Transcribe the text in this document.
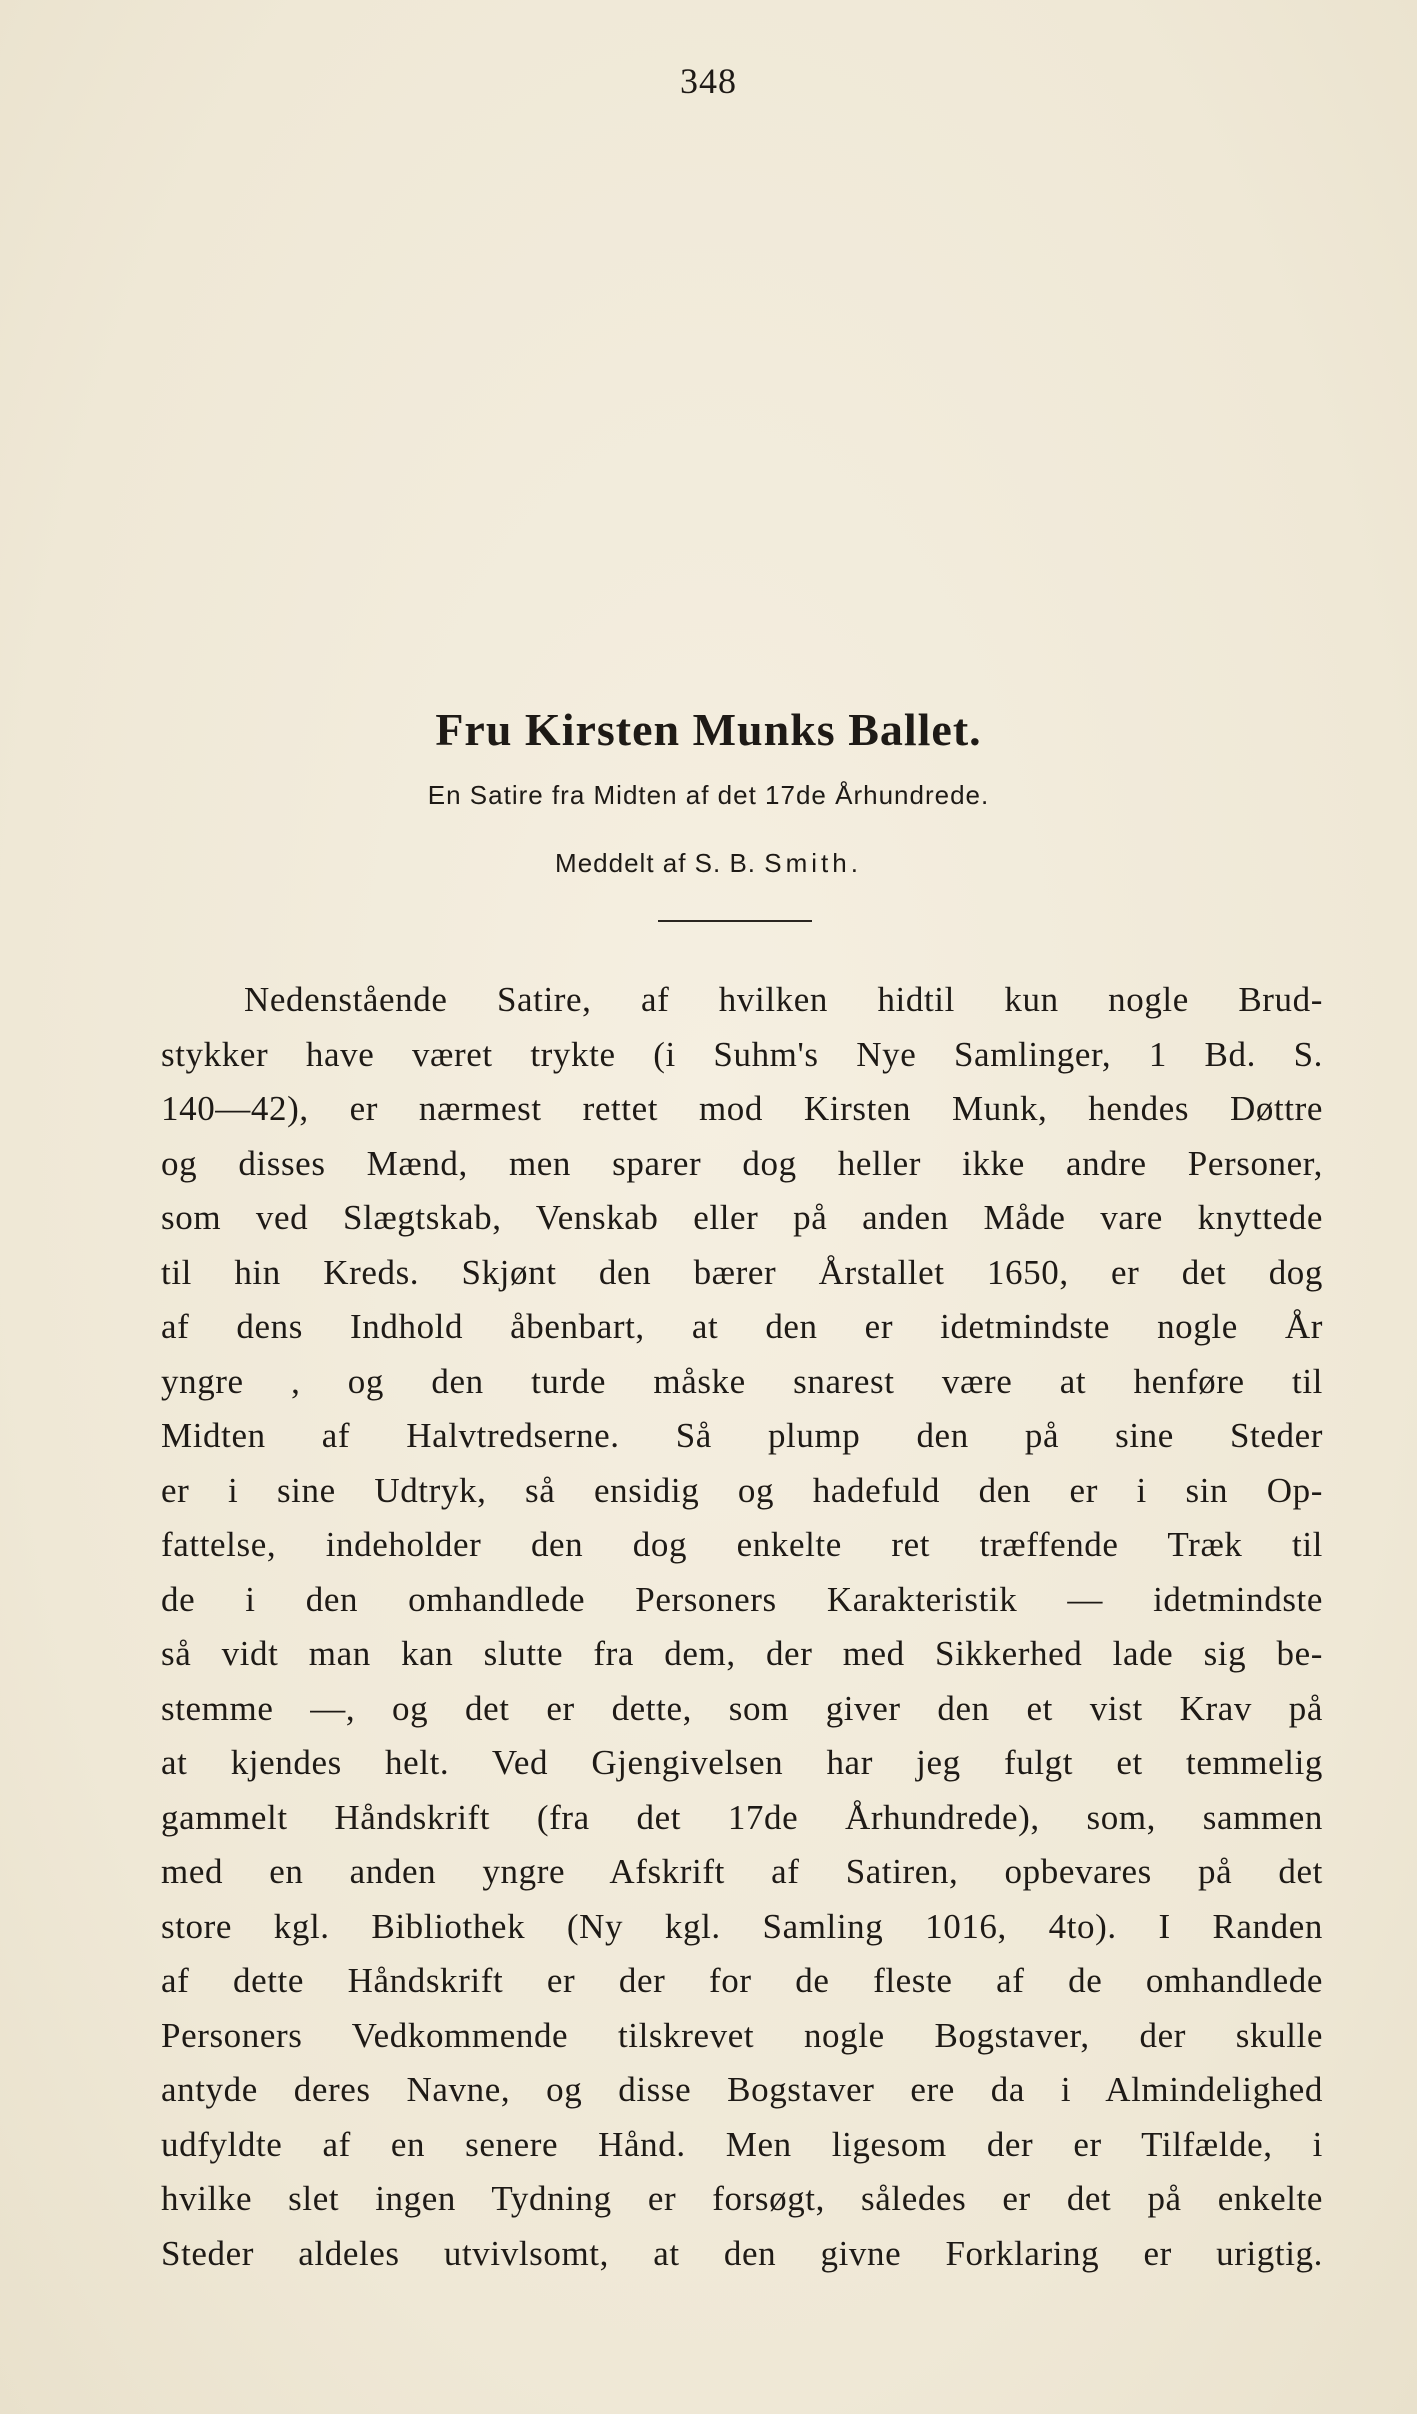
348
Fru Kirsten Munks Ballet.
En Satire fra Midten af det 17de Århundrede.
Meddelt af S. B. Smith.
Nedenstående Satire, af hvilken hidtil kun nogle Brud-
stykker have været trykte (i Suhm's Nye Samlinger, 1 Bd. S.
140—42), er nærmest rettet mod Kirsten Munk, hendes Døttre
og disses Mænd, men sparer dog heller ikke andre Personer,
som ved Slægtskab, Venskab eller på anden Måde vare knyttede
til hin Kreds. Skjønt den bærer Årstallet 1650, er det dog
af dens Indhold åbenbart, at den er idetmindste nogle År
yngre , og den turde måske snarest være at henføre til
Midten af Halvtredserne. Så plump den på sine Steder
er i sine Udtryk, så ensidig og hadefuld den er i sin Op-
fattelse, indeholder den dog enkelte ret træffende Træk til
de i den omhandlede Personers Karakteristik — idetmindste
så vidt man kan slutte fra dem, der med Sikkerhed lade sig be-
stemme —, og det er dette, som giver den et vist Krav på
at kjendes helt. Ved Gjengivelsen har jeg fulgt et temmelig
gammelt Håndskrift (fra det 17de Århundrede), som, sammen
med en anden yngre Afskrift af Satiren, opbevares på det
store kgl. Bibliothek (Ny kgl. Samling 1016, 4to). I Randen
af dette Håndskrift er der for de fleste af de omhandlede
Personers Vedkommende tilskrevet nogle Bogstaver, der skulle
antyde deres Navne, og disse Bogstaver ere da i Almindelighed
udfyldte af en senere Hånd. Men ligesom der er Tilfælde, i
hvilke slet ingen Tydning er forsøgt, således er det på enkelte
Steder aldeles utvivlsomt, at den givne Forklaring er urigtig.
